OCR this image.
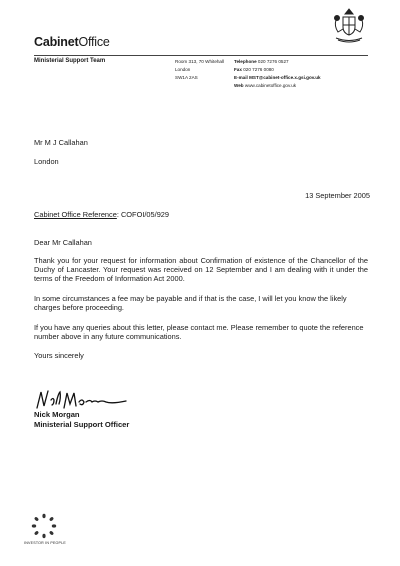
CabinetOffice
Ministerial Support Team	Room 313, 70 Whitehall
London
SW1A 2AS
Telephone 020 7276 0527
Fax 020 7276 0080
E-mail MST@cabinet-office.x.gsi.gov.uk
Web www.cabinetoffice.gov.uk
Mr M J Callahan
London
13 September 2005
Cabinet Office Reference: COFOI/05/929
Dear Mr Callahan
Thank you for your request for information about Confirmation of existence of the Chancellor of the Duchy of Lancaster. Your request was received on 12 September and I am dealing with it under the terms of the Freedom of Information Act 2000.
In some circumstances a fee may be payable and if that is the case, I will let you know the likely charges before proceeding.
If you have any queries about this letter, please contact me. Please remember to quote the reference number above in any future communications.
Yours sincerely
Nick Morgan
Ministerial Support Officer
INVESTOR IN PEOPLE
